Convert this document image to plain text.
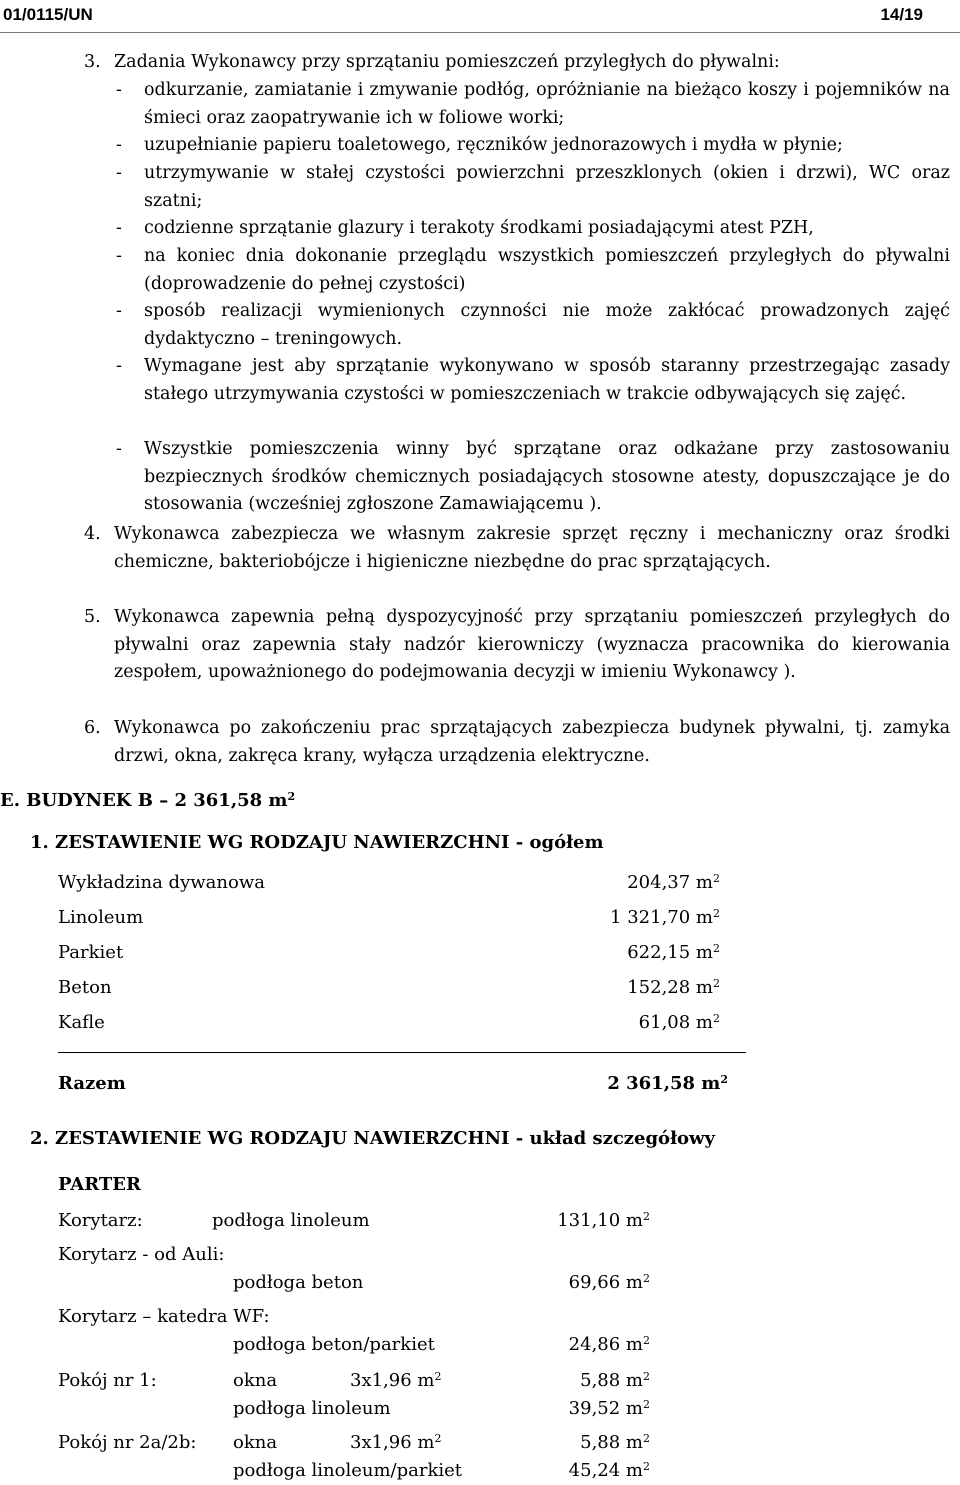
01/0115/UN	14/19
3. Zadania Wykonawcy przy sprzątaniu pomieszczeń przyległych do pływalni:
- odkurzanie, zamiatanie i zmywanie podłóg, opróżnianie na bieżąco koszy i pojemników na śmieci oraz zaopatrywanie ich w foliowe worki;
- uzupełnianie papieru toaletowego, ręczników jednorazowych i mydła w płynie;
- utrzymywanie w stałej czystości powierzchni przeszklonych (okien i drzwi), WC oraz szatni;
- codzienne sprzątanie glazury i terakoty środkami posiadającymi atest PZH,
- na koniec dnia dokonanie przeglądu wszystkich pomieszczeń przyległych do pływalni (doprowadzenie do pełnej czystości)
- sposób realizacji wymienionych czynności nie może zakłócać prowadzonych zajęć dydaktyczno – treningowych.
- Wymagane jest aby sprzątanie wykonywano w sposób staranny przestrzegając zasady stałego utrzymywania czystości w pomieszczeniach w trakcie odbywających się zajęć.
- Wszystkie pomieszczenia winny być sprzątane oraz odkażane przy zastosowaniu bezpiecznych środków chemicznych posiadających stosowne atesty, dopuszczające je do stosowania (wcześniej zgłoszone Zamawiającemu ).
4. Wykonawca zabezpiecza we własnym zakresie sprzęt ręczny i mechaniczny oraz środki chemiczne, bakteriobójcze i higieniczne niezbędne do prac sprzątających.
5. Wykonawca zapewnia pełną dyspozycyjność przy sprzątaniu pomieszczeń przyległych do pływalni oraz zapewnia stały nadzór kierowniczy (wyznacza pracownika do kierowania zespołem, upoważnionego do podejmowania decyzji w imieniu Wykonawcy ).
6. Wykonawca po zakończeniu prac sprzątających zabezpiecza budynek pływalni, tj. zamyka drzwi, okna, zakręca krany, wyłącza urządzenia elektryczne.
E. BUDYNEK B – 2 361,58 $m^2$
1. ZESTAWIENIE WG RODZAJU NAWIERZCHNI - ogółem
Wykładzina dywanowa	204,37 $m^2$
Linoleum	1 321,70 $m^2$
Parkiet	622,15 $m^2$
Beton	152,28 $m^2$
Kafle	61,08 $m^2$
Razem	2 361,58 $m^2$
2. ZESTAWIENIE WG RODZAJU NAWIERZCHNI - układ szczegółowy
PARTER
Korytarz:	podłoga linoleum	131,10 $m^2$
Korytarz - od Auli:
podłoga beton	69,66 $m^2$
Korytarz – katedra WF:
podłoga beton/parkiet	24,86 $m^2$
Pokój nr 1:	okna	3x1,96 $m^2$	5,88 $m^2$
podłoga linoleum	39,52 $m^2$
Pokój nr 2a/2b: okna	3x1,96 $m^2$	5,88 $m^2$
podłoga linoleum/parkiet	45,24 $m^2$
